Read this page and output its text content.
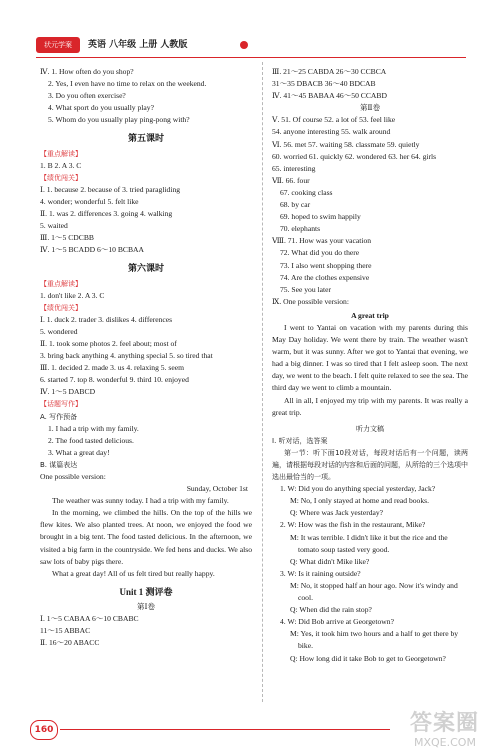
状元学案	英语 八年级 上册 人教版
Ⅳ. 1. How often do you shop?
2. Yes, I even have no time to relax on the weekend.
3. Do you often exercise?
4. What sport do you usually play?
5. Whom do you usually play ping-pong with?
第五课时
【重点解读】
1. B 2. A 3. C
【绩优闯关】
Ⅰ. 1. because 2. because of 3. tried paragliding
4. wonder; wonderful 5. felt like
Ⅱ. 1. was 2. differences 3. going 4. walking
5. waited
Ⅲ. 1～5 CDCBB
Ⅳ. 1～5 BCADD 6～10 BCBAA
第六课时
【重点解读】
1. don't like 2. A 3. C
【绩优闯关】
Ⅰ. 1. duck 2. trader 3. dislikes 4. differences
5. wondered
Ⅱ. 1. took some photos 2. feel about; most of
3. bring back anything 4. anything special 5. so tired that
Ⅲ. 1. decided 2. made 3. us 4. relaxing 5. seem
6. started 7. top 8. wonderful 9. third 10. enjoyed
Ⅳ. 1～5 DABCD
【话题写作】
A. 写作预备
1. I had a trip with my family.
2. The food tasted delicious.
3. What a great day!
B. 谋篇表达
One possible version:
Sunday, October 1st
The weather was sunny today. I had a trip with my family.
In the morning, we climbed the hills. On the top of the hills we flew kites. We also planted trees. At noon, we enjoyed the food we brought in a big tent. The food tasted delicious. In the afternoon, we visited a big farm in the countryside. We fed hens and ducks. We also saw lots of baby pigs there.
What a great day! All of us felt tired but really happy.
Unit 1 测评卷
第Ⅰ卷
Ⅰ. 1～5 CABAA 6～10 CBABC
11～15 ABBAC
Ⅱ. 16～20 ABACC
Ⅲ. 21～25 CABDA 26～30 CCBCA
31～35 DBACB 36～40 BDCAB
Ⅳ. 41～45 BABAA 46～50 CCABD
第Ⅱ卷
Ⅴ. 51. Of course 52. a lot of 53. feel like
54. anyone interesting 55. walk around
Ⅵ. 56. met 57. waiting 58. classmate 59. quietly
60. worried 61. quickly 62. wondered 63. her 64. girls
65. interesting
Ⅶ. 66. four
67. cooking class
68. by car
69. hoped to swim happily
70. elephants
Ⅷ. 71. How was your vacation
72. What did you do there
73. I also went shopping there
74. Are the clothes expensive
75. See you later
Ⅸ. One possible version:
A great trip
I went to Yantai on vacation with my parents during this May Day holiday. We went there by train. The weather wasn't warm, but it was sunny. After we got to Yantai that evening, we had a big dinner. I was so tired that I felt asleep soon. The next day, we went to the beach. I felt quite relaxed to see the sea. The third day we went to climb a mountain.
All in all, I enjoyed my trip with my parents. It was really a great trip.
听力文稿
Ⅰ. 听对话，选答案
第一节：听下面10段对话，每段对话后有一个问题，读两遍，请根据每段对话的内容和后面的问题，从所给的三个选项中选出最恰当的一项。
1. W: Did you do anything special yesterday, Jack?
M: No, I only stayed at home and read books.
Q: Where was Jack yesterday?
2. W: How was the fish in the restaurant, Mike?
M: It was terrible. I didn't like it but the rice and the
tomato soup tasted very good.
Q: What didn't Mike like?
3. W: Is it raining outside?
M: No, it stopped half an hour ago. Now it's windy and
cool.
Q: When did the rain stop?
4. W: Did Bob arrive at Georgetown?
M: Yes, it took him two hours and a half to get there by
bike.
Q: How long did it take Bob to get to Georgetown?
160	答案圈
MXQE.COM
